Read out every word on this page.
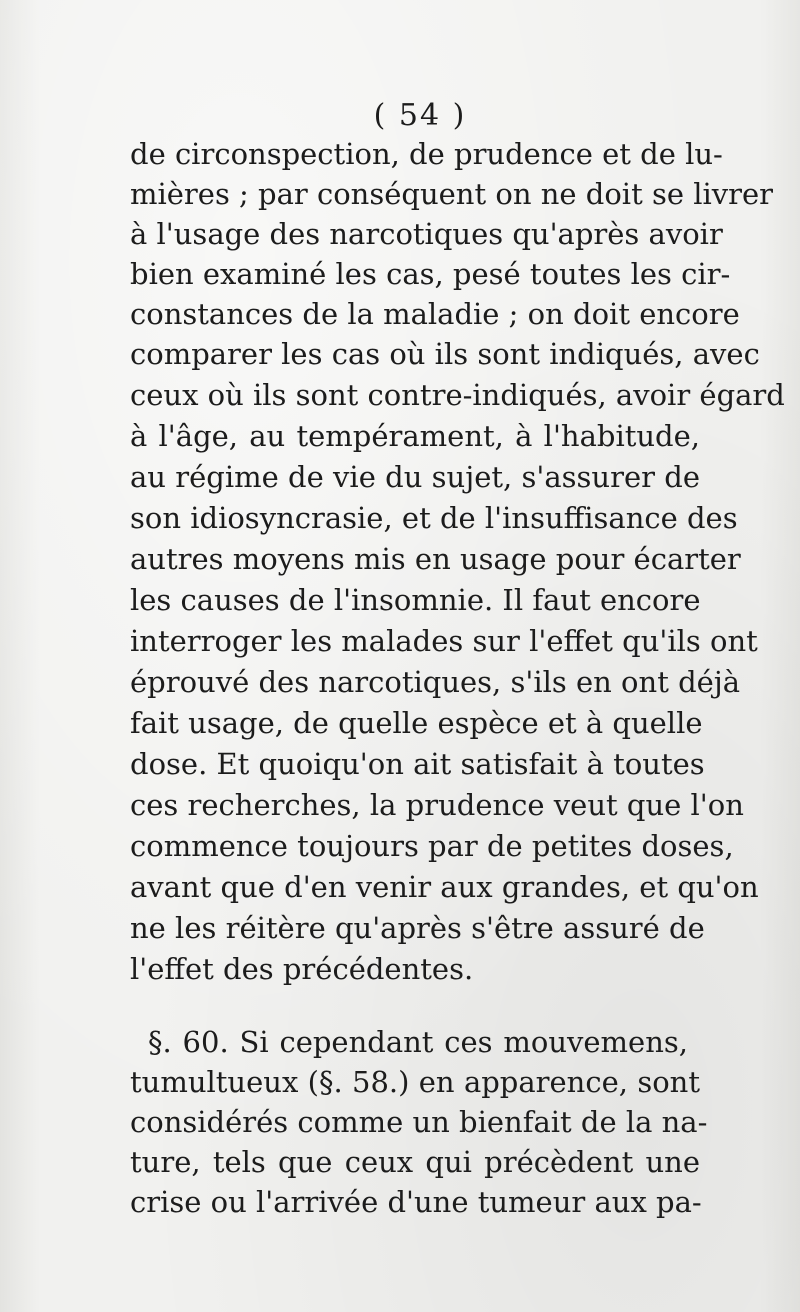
( 54 )
de circonspection, de prudence et de lu-
mières ; par conséquent on ne doit se livrer
à l'usage des narcotiques qu'après avoir
bien examiné les cas, pesé toutes les cir-
constances de la maladie ; on doit encore
comparer les cas où ils sont indiqués, avec
ceux où ils sont contre-indiqués, avoir égard
à l'âge, au tempérament, à l'habitude,
au régime de vie du sujet, s'assurer de
son idiosyncrasie, et de l'insuffisance des
autres moyens mis en usage pour écarter
les causes de l'insomnie. Il faut encore
interroger les malades sur l'effet qu'ils ont
éprouvé des narcotiques, s'ils en ont déjà
fait usage, de quelle espèce et à quelle
dose. Et quoiqu'on ait satisfait à toutes
ces recherches, la prudence veut que l'on
commence toujours par de petites doses,
avant que d'en venir aux grandes, et qu'on
ne les réitère qu'après s'être assuré de
l'effet des précédentes.
§. 60. Si cependant ces mouvemens,
tumultueux (§. 58.) en apparence, sont
considérés comme un bienfait de la na-
ture, tels que ceux qui précèdent une
crise ou l'arrivée d'une tumeur aux pa-
